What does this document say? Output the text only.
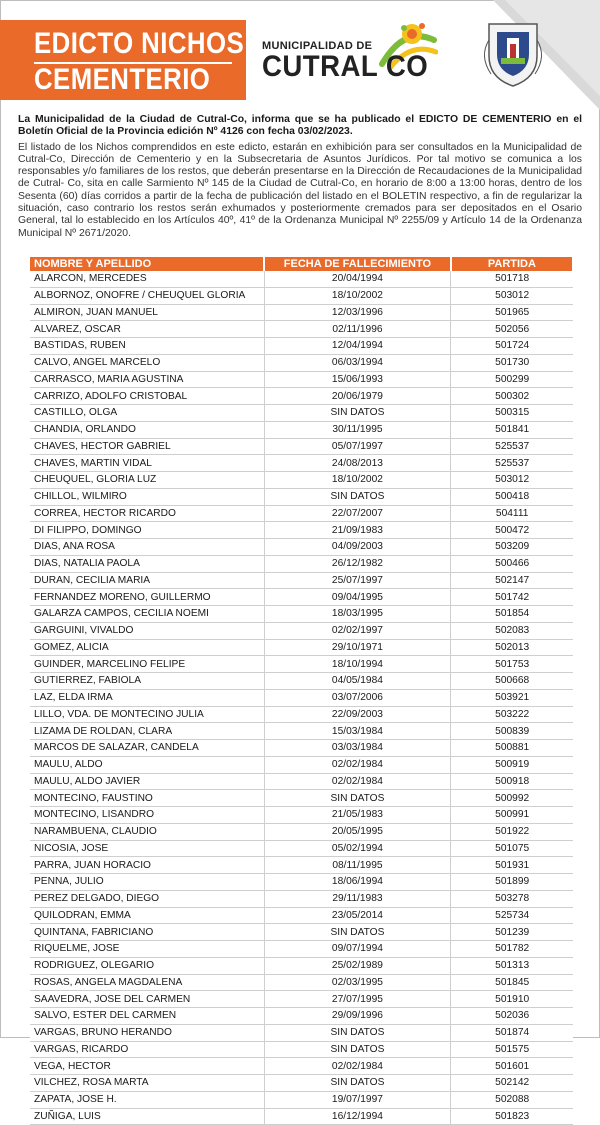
EDICTO NICHOS
CEMENTERIO
MUNICIPALIDAD DE
CUTRAL CO

La Municipalidad de la Ciudad de Cutral-Co, informa que se ha publicado el EDICTO DE CEMENTERIO en el Boletín Oficial de la Provincia edición Nº 4126 con fecha 03/02/2023.

El listado de los Nichos comprendidos en este edicto, estarán en exhibición para ser consultados en la Municipalidad de Cutral-Co, Dirección de Cementerio y en la Subsecretaria de Asuntos Jurídicos. Por tal motivo se comunica a los responsables y/o familiares de los restos, que deberán presentarse en la Dirección de Recaudaciones de la Municipalidad de Cutral- Co, sita en calle Sarmiento Nº 145 de la Ciudad de Cutral-Co, en horario de 8:00 a 13:00 horas, dentro de los Sesenta (60) días corridos a partir de la fecha de publicación del listado en el BOLETIN respectivo, a fin de regularizar la situación, caso contrario los restos serán exhumados y posteriormente cremados para ser depositados en el Osario General, tal lo establecido en los Artículos 40º, 41º de la Ordenanza Municipal Nº 2255/09 y Artículo 14 de la Ordenanza Municipal Nº 2671/2020.

NOMBRE Y APELLIDO	FECHA DE FALLECIMIENTO	PARTIDA
ALARCON, MERCEDES	20/04/1994	501718
ALBORNOZ, ONOFRE / CHEUQUEL GLORIA	18/10/2002	503012
ALMIRON, JUAN MANUEL	12/03/1996	501965
ALVAREZ, OSCAR	02/11/1996	502056
BASTIDAS, RUBEN	12/04/1994	501724
CALVO, ANGEL MARCELO	06/03/1994	501730
CARRASCO, MARIA AGUSTINA	15/06/1993	500299
CARRIZO, ADOLFO CRISTOBAL	20/06/1979	500302
CASTILLO, OLGA	SIN DATOS	500315
CHANDIA, ORLANDO	30/11/1995	501841
CHAVES, HECTOR GABRIEL	05/07/1997	525537
CHAVES, MARTIN VIDAL	24/08/2013	525537
CHEUQUEL, GLORIA LUZ	18/10/2002	503012
CHILLOL, WILMIRO	SIN DATOS	500418
CORREA, HECTOR RICARDO	22/07/2007	504111
DI FILIPPO, DOMINGO	21/09/1983	500472
DIAS, ANA ROSA	04/09/2003	503209
DIAS, NATALIA PAOLA	26/12/1982	500466
DURAN, CECILIA MARIA	25/07/1997	502147
FERNANDEZ MORENO, GUILLERMO	09/04/1995	501742
GALARZA CAMPOS, CECILIA NOEMI	18/03/1995	501854
GARGUINI, VIVALDO	02/02/1997	502083
GOMEZ, ALICIA	29/10/1971	502013
GUINDER, MARCELINO FELIPE	18/10/1994	501753
GUTIERREZ, FABIOLA	04/05/1984	500668
LAZ, ELDA IRMA	03/07/2006	503921
LILLO, VDA. DE MONTECINO JULIA	22/09/2003	503222
LIZAMA DE ROLDAN, CLARA	15/03/1984	500839
MARCOS DE SALAZAR, CANDELA	03/03/1984	500881
MAULU, ALDO	02/02/1984	500919
MAULU, ALDO JAVIER	02/02/1984	500918
MONTECINO, FAUSTINO	SIN DATOS	500992
MONTECINO, LISANDRO	21/05/1983	500991
NARAMBUENA, CLAUDIO	20/05/1995	501922
NICOSIA, JOSE	05/02/1994	501075
PARRA, JUAN HORACIO	08/11/1995	501931
PENNA, JULIO	18/06/1994	501899
PEREZ DELGADO, DIEGO	29/11/1983	503278
QUILODRAN, EMMA	23/05/2014	525734
QUINTANA, FABRICIANO	SIN DATOS	501239
RIQUELME, JOSE	09/07/1994	501782
RODRIGUEZ, OLEGARIO	25/02/1989	501313
ROSAS, ANGELA MAGDALENA	02/03/1995	501845
SAAVEDRA, JOSE DEL CARMEN	27/07/1995	501910
SALVO, ESTER DEL CARMEN	29/09/1996	502036
VARGAS, BRUNO HERANDO	SIN DATOS	501874
VARGAS, RICARDO	SIN DATOS	501575
VEGA, HECTOR	02/02/1984	501601
VILCHEZ, ROSA MARTA	SIN DATOS	502142
ZAPATA, JOSE H.	19/07/1997	502088
ZUÑIGA, LUIS	16/12/1994	501823
